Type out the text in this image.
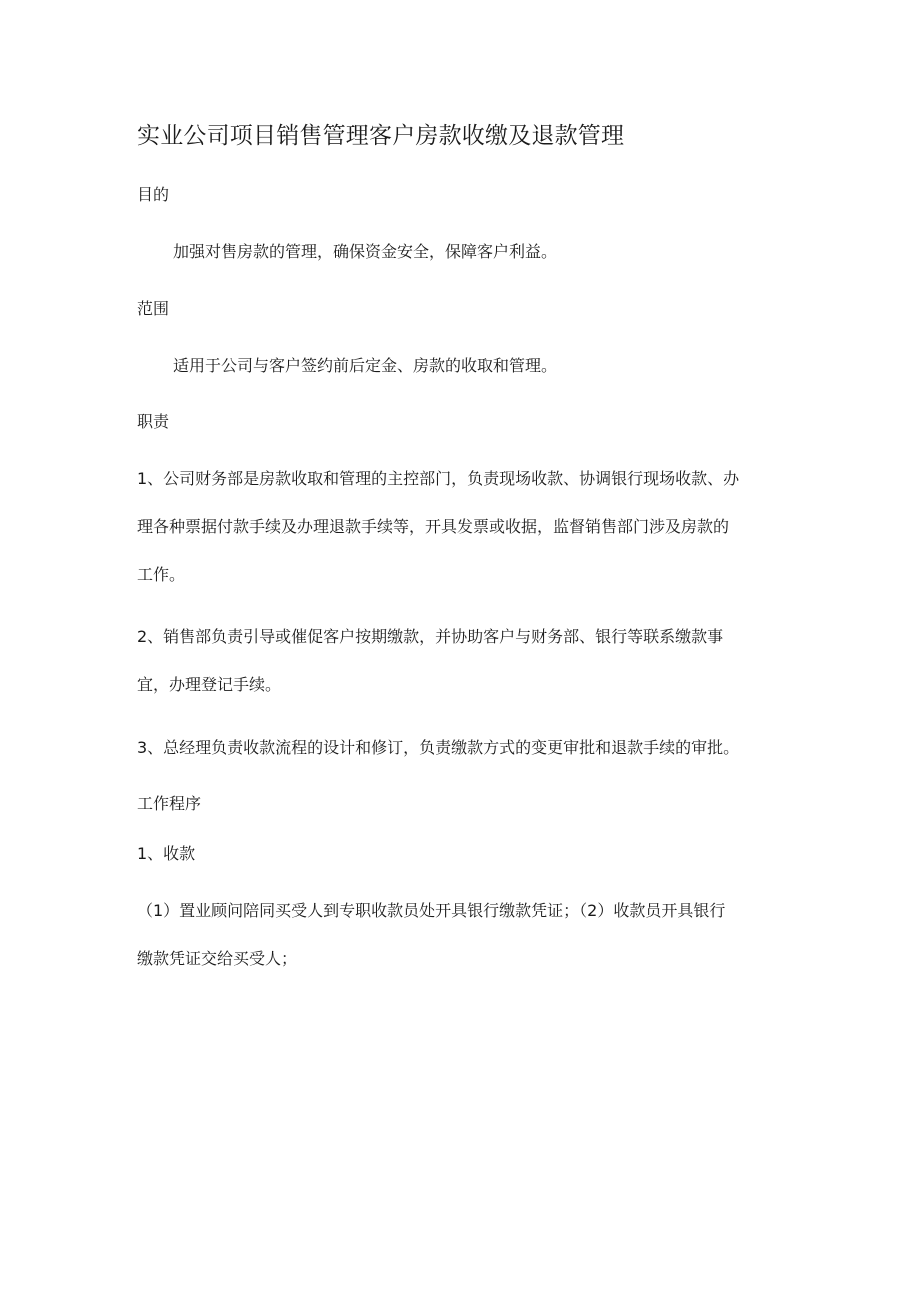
实业公司项目销售管理客户房款收缴及退款管理
目的
加强对售房款的管理，确保资金安全，保障客户利益。
范围
适用于公司与客户签约前后定金、房款的收取和管理。
职责
1、公司财务部是房款收取和管理的主控部门，负责现场收款、协调银行现场收款、办
理各种票据付款手续及办理退款手续等，开具发票或收据，监督销售部门涉及房款的
工作。
2、销售部负责引导或催促客户按期缴款，并协助客户与财务部、银行等联系缴款事
宜，办理登记手续。
3、总经理负责收款流程的设计和修订，负责缴款方式的变更审批和退款手续的审批。
工作程序
1、收款
（1）置业顾问陪同买受人到专职收款员处开具银行缴款凭证；（2）收款员开具银行
缴款凭证交给买受人；
